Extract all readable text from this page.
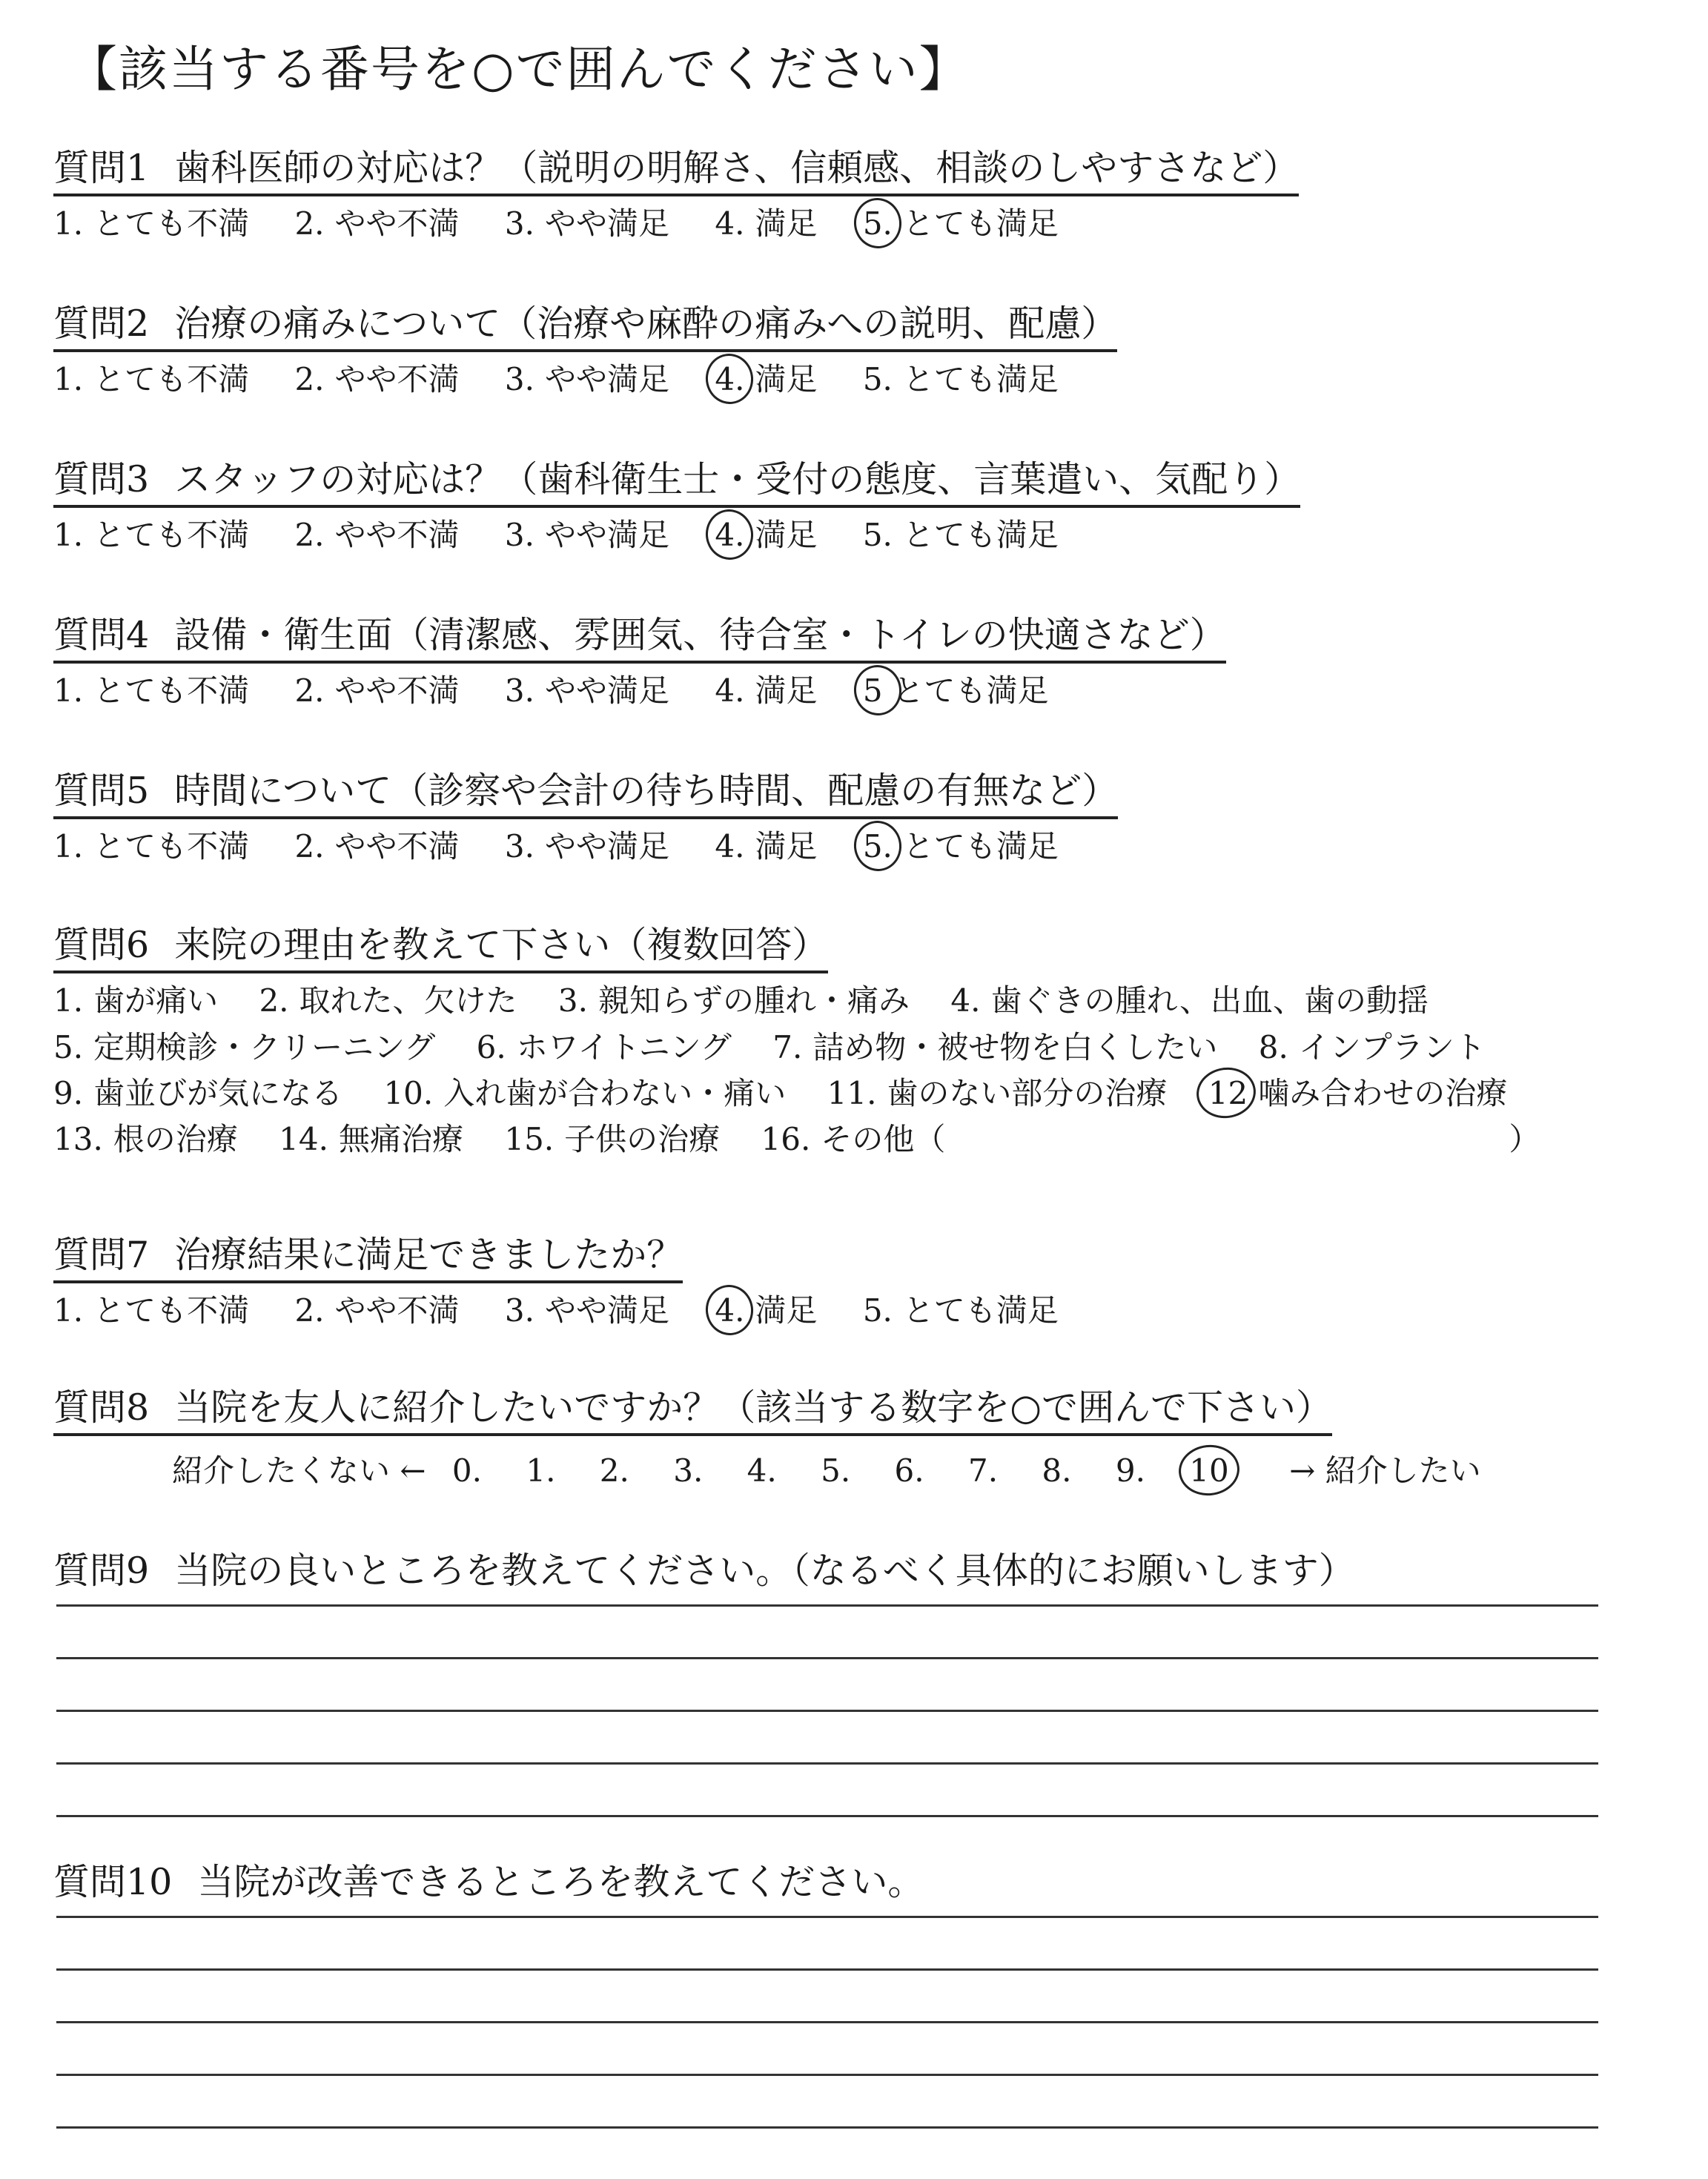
【該当する番号を○で囲んでください】
質問1 歯科医師の対応は？（説明の明解さ、信頼感、相談のしやすさなど）
1. とても不満 2. やや不満 3. やや満足 4. 満足 5. とても満足
質問2 治療の痛みについて（治療や麻酔の痛みへの説明、配慮）
1. とても不満 2. やや不満 3. やや満足 4. 満足 5. とても満足
質問3 スタッフの対応は？（歯科衛生士・受付の態度、言葉遣い、気配り）
1. とても不満 2. やや不満 3. やや満足 4. 満足 5. とても満足
質問4 設備・衛生面（清潔感、雰囲気、待合室・トイレの快適さなど）
1. とても不満 2. やや不満 3. やや満足 4. 満足 5 とても満足
質問5 時間について（診察や会計の待ち時間、配慮の有無など）
1. とても不満 2. やや不満 3. やや満足 4. 満足 5. とても満足
質問6 来院の理由を教えて下さい（複数回答）
1. 歯が痛い 2. 取れた、欠けた 3. 親知らずの腫れ・痛み 4. 歯ぐきの腫れ、出血、歯の動揺
5. 定期検診・クリーニング 6. ホワイトニング 7. 詰め物・被せ物を白くしたい 8. インプラント
9. 歯並びが気になる 10. 入れ歯が合わない・痛い 11. 歯のない部分の治療 12 噛み合わせの治療
13. 根の治療 14. 無痛治療 15. 子供の治療 16. その他（	）
質問7 治療結果に満足できましたか？
1. とても不満 2. やや不満 3. やや満足 4. 満足 5. とても満足
質問8 当院を友人に紹介したいですか？（該当する数字を○で囲んで下さい）
紹介したくない ← 0. 1. 2. 3. 4. 5. 6. 7. 8. 9. 10 → 紹介したい
質問9 当院の良いところを教えてください。（なるべく具体的にお願いします）
質問10 当院が改善できるところを教えてください。
